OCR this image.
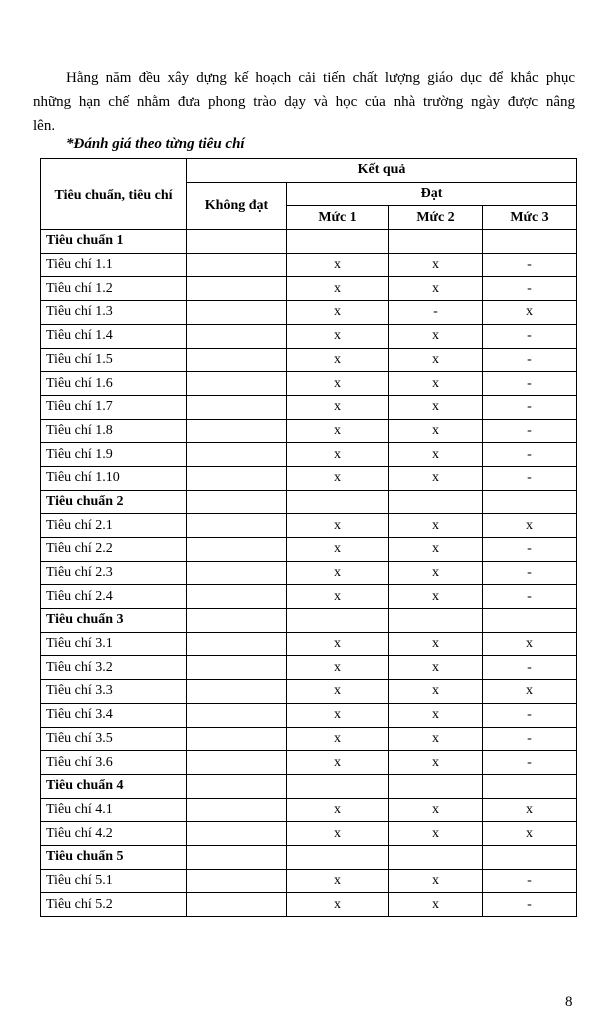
Hằng năm đều xây dựng kế hoạch cải tiến chất lượng giáo dục để khắc phục
những hạn chế nhằm đưa phong trào dạy và học của nhà trường ngày được nâng
lên.
*Đánh giá theo từng tiêu chí
Tiêu chuẩn, tiêu chí	Kết quả			
	Không đạt	Đạt		
		Mức 1	Mức 2	Mức 3
Tiêu chuẩn 1				
Tiêu chí 1.1		x	x	-
Tiêu chí 1.2		x	x	-
Tiêu chí 1.3		x	-	x
Tiêu chí 1.4		x	x	-
Tiêu chí 1.5		x	x	-
Tiêu chí 1.6		x	x	-
Tiêu chí 1.7		x	x	-
Tiêu chí 1.8		x	x	-
Tiêu chí 1.9		x	x	-
Tiêu chí 1.10		x	x	-
Tiêu chuẩn 2				
Tiêu chí 2.1		x	x	x
Tiêu chí 2.2		x	x	-
Tiêu chí 2.3		x	x	-
Tiêu chí 2.4		x	x	-
Tiêu chuẩn 3				
Tiêu chí 3.1		x	x	x
Tiêu chí 3.2		x	x	-
Tiêu chí 3.3		x	x	x
Tiêu chí 3.4		x	x	-
Tiêu chí 3.5		x	x	-
Tiêu chí 3.6		x	x	-
Tiêu chuẩn 4				
Tiêu chí 4.1		x	x	x
Tiêu chí 4.2		x	x	x
Tiêu chuẩn 5				
Tiêu chí 5.1		x	x	-
Tiêu chí 5.2		x	x	-
8
